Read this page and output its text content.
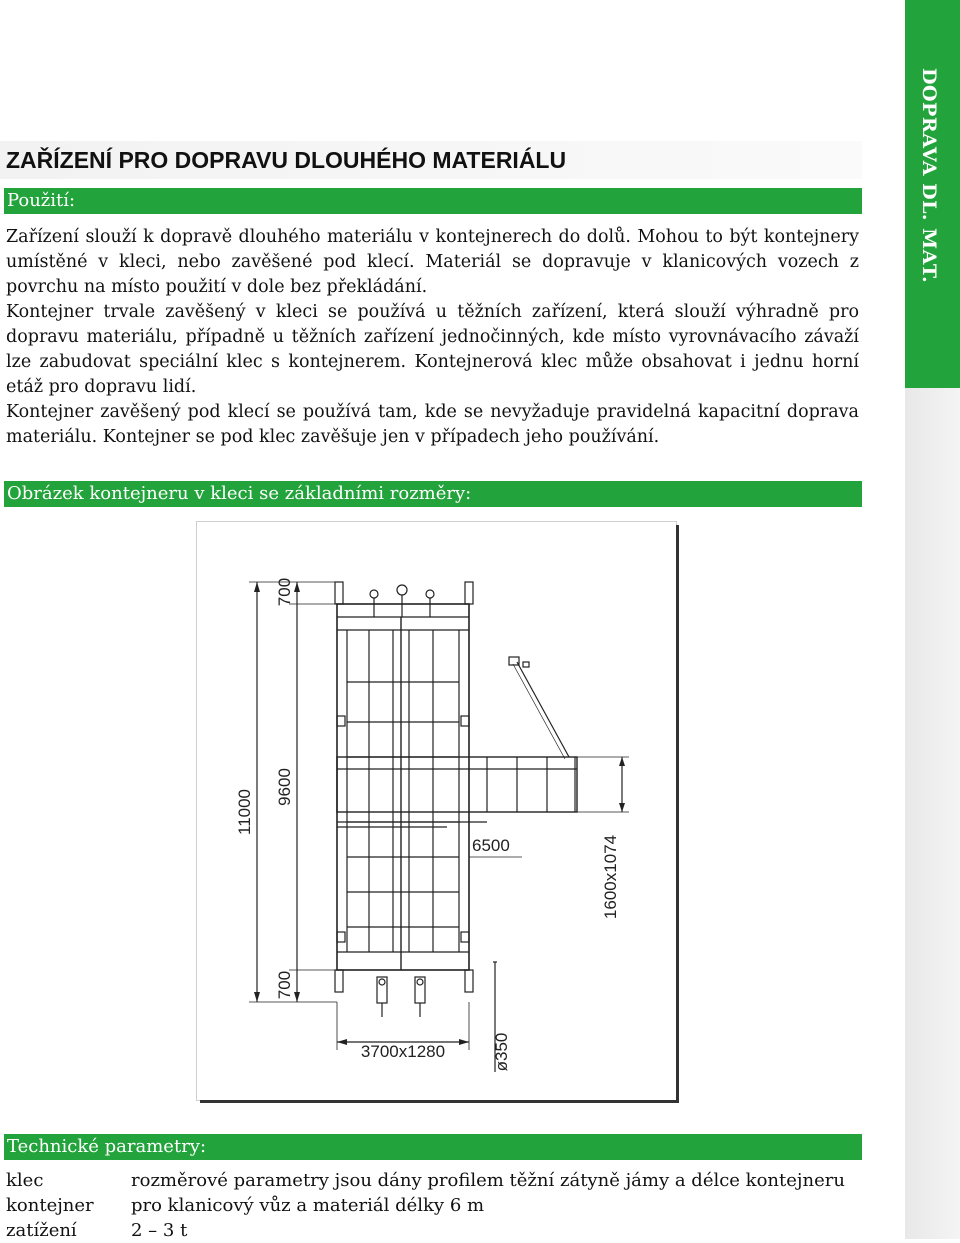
DOPRAVA DL. MAT.
ZAŘÍZENÍ PRO DOPRAVU DLOUHÉHO MATERIÁLU
Použití:

Zařízení slouží k dopravě dlouhého materiálu v kontejnerech do dolů. Mohou to být kontejnery umístěné v kleci, nebo zavěšené pod klecí. Materiál se dopravuje v klanicových vozech z povrchu na místo použití v dole bez překládání.

Kontejner trvale zavěšený v kleci se používá u těžních zařízení, která slouží výhradně pro dopravu materiálu, případně u těžních zařízení jednočinných, kde místo vyrovnávacího závaží lze zabudovat speciální klec s kontejnerem. Kontejnerová klec může obsahovat i jednu horní etáž pro dopravu lidí.

Kontejner zavěšený pod klecí se používá tam, kde se nevyžaduje pravidelná kapacitní doprava materiálu. Kontejner se pod klec zavěšuje jen v případech jeho používání.

Obrázek kontejneru v kleci se základními rozměry:
11000
9600
700
700
6500	1600x1074
3700x1280	ø350
Technické parametry:
klec	rozměrové parametry jsou dány profilem těžní zátyně jámy a délce kontejneru
kontejner	pro klanicový vůz a materiál délky 6 m
zatížení	2 – 3 t
